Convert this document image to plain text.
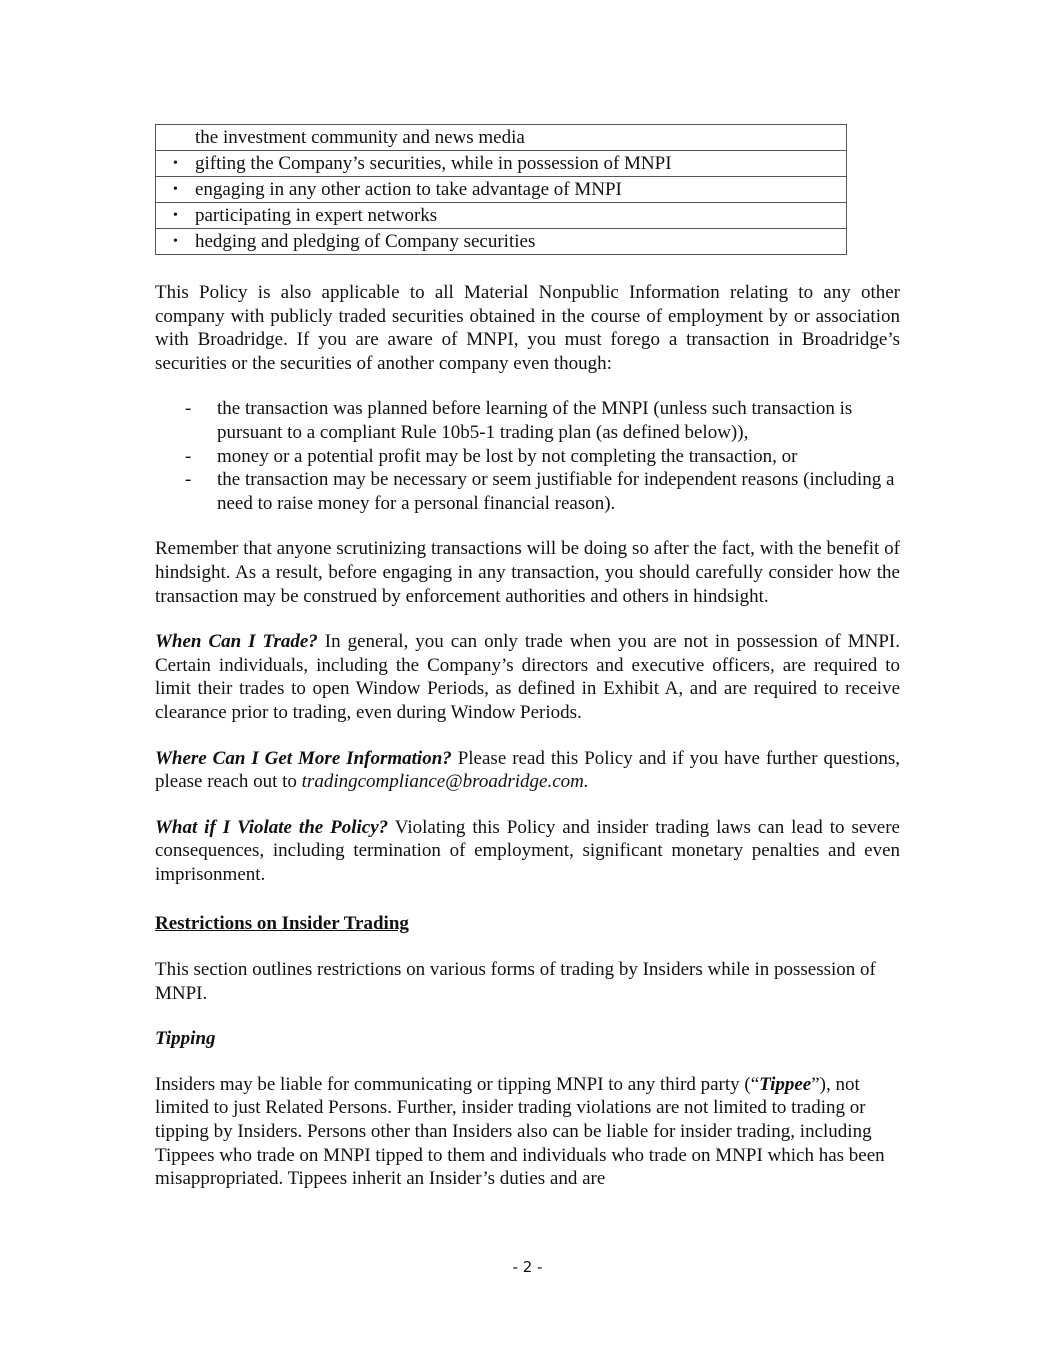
the investment community and news media

• gifting the Company’s securities, while in possession of MNPI

• engaging in any other action to take advantage of MNPI

• participating in expert networks

• hedging and pledging of Company securities

This Policy is also applicable to all Material Nonpublic Information relating to any other company with publicly traded securities obtained in the course of employment by or association with Broadridge. If you are aware of MNPI, you must forego a transaction in Broadridge’s securities or the securities of another company even though:

-	the transaction was planned before learning of the MNPI (unless such transaction is pursuant to a compliant Rule 10b5-1 trading plan (as defined below)),
-	money or a potential profit may be lost by not completing the transaction, or
-	the transaction may be necessary or seem justifiable for independent reasons (including a need to raise money for a personal financial reason).

Remember that anyone scrutinizing transactions will be doing so after the fact, with the benefit of hindsight. As a result, before engaging in any transaction, you should carefully consider how the transaction may be construed by enforcement authorities and others in hindsight.

When Can I Trade? In general, you can only trade when you are not in possession of MNPI. Certain individuals, including the Company’s directors and executive officers, are required to limit their trades to open Window Periods, as defined in Exhibit A, and are required to receive clearance prior to trading, even during Window Periods.

Where Can I Get More Information? Please read this Policy and if you have further questions, please reach out to tradingcompliance@broadridge.com.

What if I Violate the Policy? Violating this Policy and insider trading laws can lead to severe consequences, including termination of employment, significant monetary penalties and even imprisonment.

Restrictions on Insider Trading

This section outlines restrictions on various forms of trading by Insiders while in possession of MNPI.

Tipping

Insiders may be liable for communicating or tipping MNPI to any third party (“Tippee”), not limited to just Related Persons. Further, insider trading violations are not limited to trading or tipping by Insiders. Persons other than Insiders also can be liable for insider trading, including Tippees who trade on MNPI tipped to them and individuals who trade on MNPI which has been misappropriated. Tippees inherit an Insider’s duties and are

- 2 -
